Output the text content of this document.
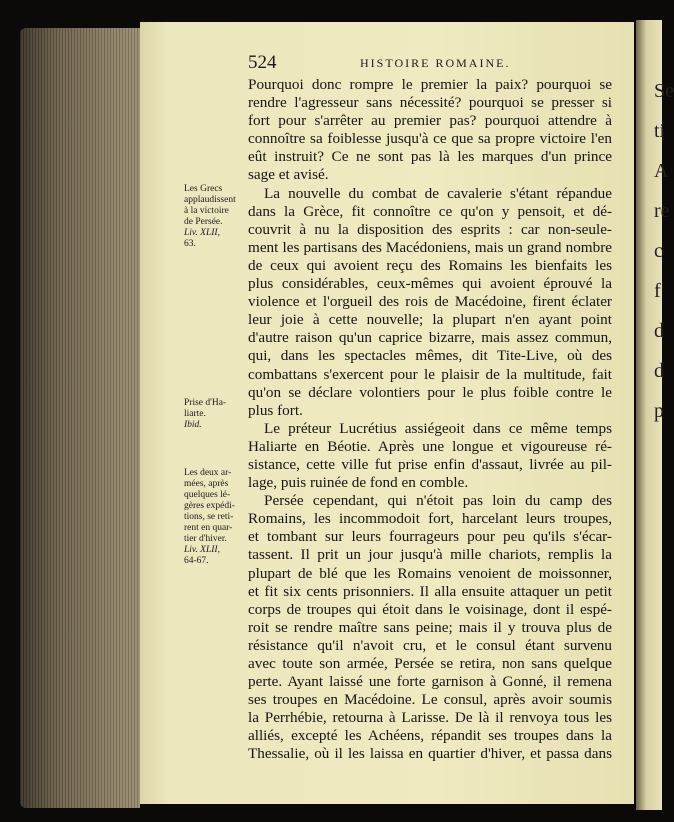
Se
ti
A
re
c
f
d
d
p
524	HISTOIRE ROMAINE.
Les Grecs
applaudissent
à la victoire
de Persée.
Liv. XLII,
63.
Prise d'Ha-
liarte.
Ibid.
Les deux ar-
mées, après
quelques lé-
gères expédi-
tions, se reti-
rent en quar-
tier d'hiver.
Liv. XLII,
64-67.
Pourquoi donc rompre le premier la paix? pourquoi se
rendre l'agresseur sans nécessité? pourquoi se presser si
fort pour s'arrêter au premier pas? pourquoi attendre à
connoître sa foiblesse jusqu'à ce que sa propre victoire l'en
eût instruit? Ce ne sont pas là les marques d'un prince
sage et avisé.
La nouvelle du combat de cavalerie s'étant répandue
dans la Grèce, fit connoître ce qu'on y pensoit, et dé-
couvrit à nu la disposition des esprits : car non-seule-
ment les partisans des Macédoniens, mais un grand nombre
de ceux qui avoient reçu des Romains les bienfaits les
plus considérables, ceux-mêmes qui avoient éprouvé la
violence et l'orgueil des rois de Macédoine, firent éclater
leur joie à cette nouvelle; la plupart n'en ayant point
d'autre raison qu'un caprice bizarre, mais assez commun,
qui, dans les spectacles mêmes, dit Tite-Live, où des
combattans s'exercent pour le plaisir de la multitude, fait
qu'on se déclare volontiers pour le plus foible contre le
plus fort.
Le préteur Lucrétius assiégeoit dans ce même temps
Haliarte en Béotie. Après une longue et vigoureuse ré-
sistance, cette ville fut prise enfin d'assaut, livrée au pil-
lage, puis ruinée de fond en comble.
Persée cependant, qui n'étoit pas loin du camp des
Romains, les incommodoit fort, harcelant leurs troupes,
et tombant sur leurs fourrageurs pour peu qu'ils s'écar-
tassent. Il prit un jour jusqu'à mille chariots, remplis la
plupart de blé que les Romains venoient de moissonner,
et fit six cents prisonniers. Il alla ensuite attaquer un petit
corps de troupes qui étoit dans le voisinage, dont il espé-
roit se rendre maître sans peine; mais il y trouva plus de
résistance qu'il n'avoit cru, et le consul étant survenu
avec toute son armée, Persée se retira, non sans quelque
perte. Ayant laissé une forte garnison à Gonné, il remena
ses troupes en Macédoine. Le consul, après avoir soumis
la Perrhébie, retourna à Larisse. De là il renvoya tous les
alliés, excepté les Achéens, répandit ses troupes dans la
Thessalie, où il les laissa en quartier d'hiver, et passa dans
